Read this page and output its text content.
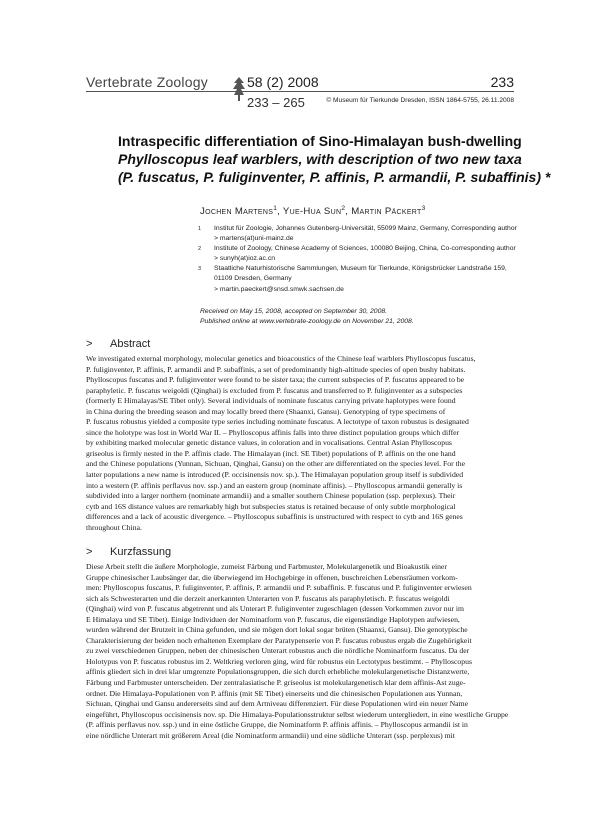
Vertebrate Zoology	58 (2) 2008	233
233 – 265	© Museum für Tierkunde Dresden, ISSN 1864-5755, 26.11.2008
Intraspecific differentiation of Sino-Himalayan bush-dwelling
Phylloscopus leaf warblers, with description of two new taxa
(P. fuscatus, P. fuliginventer, P. affinis, P. armandii, P. subaffinis) *
Jochen Martens$^1$, Yue-Hua Sun$^2$, Martin Päckert$^3$
1	Institut für Zoologie, Johannes Gutenberg-Universität, 55099 Mainz, Germany, Corresponding author
> martens(at)uni-mainz.de
2	Institute of Zoology, Chinese Academy of Sciences, 100080 Beijing, China, Co-corresponding author
> sunyh(at)ioz.ac.cn
3	Staatliche Naturhistorische Sammlungen, Museum für Tierkunde, Königsbrücker Landstraße 159,
01109 Dresden, Germany
> martin.paeckert@snsd.smwk.sachsen.de
Received on May 15, 2008, accepted on September 30, 2008.
Published online at www.vertebrate-zoology.de on November 21, 2008.
> Abstract
We investigated external morphology, molecular genetics and bioacoustics of the Chinese leaf warblers Phylloscopus fuscatus,
P. fuliginventer, P. affinis, P. armandii and P. subaffinis, a set of predominantly high-altitude species of open bushy habitats.
Phylloscopus fuscatus and P. fuliginventer were found to be sister taxa; the current subspecies of P. fuscatus appeared to be
paraphyletic. P. fuscatus weigoldi (Qinghai) is excluded from P. fuscatus and transferred to P. fuliginventer as a subspecies
(formerly E Himalayas/SE Tibet only). Several individuals of nominate fuscatus carrying private haplotypes were found
in China during the breeding season and may locally breed there (Shaanxi, Gansu). Genotyping of type specimens of
P. fuscatus robustus yielded a composite type series including nominate fuscatus. A lectotype of taxon robustus is designated
since the holotype was lost in World War II. – Phylloscopus affinis falls into three distinct population groups which differ
by exhibiting marked molecular genetic distance values, in coloration and in vocalisations. Central Asian Phylloscopus
griseolus is firmly nested in the P. affinis clade. The Himalayan (incl. SE Tibet) populations of P. affinis on the one hand
and the Chinese populations (Yunnan, Sichuan, Qinghai, Gansu) on the other are differentiated on the species level. For the
latter populations a new name is introduced (P. occisinensis nov. sp.). The Himalayan population group itself is subdivided
into a western (P. affinis perflavus nov. ssp.) and an eastern group (nominate affinis). – Phylloscopus armandii generally is
subdivided into a larger northern (nominate armandii) and a smaller southern Chinese population (ssp. perplexus). Their
cytb and 16S distance values are remarkably high but subspecies status is retained because of only subtle morphological
differences and a lack of acoustic divergence. – Phylloscopus subaffinis is unstructured with respect to cytb and 16S genes
throughout China.
> Kurzfassung
Diese Arbeit stellt die äußere Morphologie, zumeist Färbung und Farbmuster, Molekulargenetik und Bioakustik einer
Gruppe chinesischer Laubsänger dar, die überwiegend im Hochgebirge in offenen, buschreichen Lebensräumen vorkom-
men: Phylloscopus fuscatus, P. fuliginventer, P. affinis, P. armandii und P. subaffinis. P. fuscatus und P. fuliginventer erwiesen
sich als Schwesterarten und die derzeit anerkannten Unterarten von P. fuscatus als paraphyletisch. P. fuscatus weigoldi
(Qinghai) wird von P. fuscatus abgetrennt und als Unterart P. fuliginventer zugeschlagen (dessen Vorkommen zuvor nur im
E Himalaya und SE Tibet). Einige Individuen der Nominatform von P. fuscatus, die eigenständige Haplotypen aufwiesen,
wurden während der Brutzeit in China gefunden, und sie mögen dort lokal sogar brüten (Shaanxi, Gansu). Die genotypische
Charakterisierung der beiden noch erhaltenen Exemplare der Paratypenserie von P. fuscatus robustus ergab die Zugehörigkeit
zu zwei verschiedenen Gruppen, neben der chinesischen Unterart robustus auch die nördliche Nominatform fuscatus. Da der
Holotypus von P. fuscatus robustus im 2. Weltkrieg verloren ging, wird für robustus ein Lectotypus bestimmt. – Phylloscopus
affinis gliedert sich in drei klar umgrenzte Populationsgruppen, die sich durch erhebliche molekulargenetische Distanzwerte,
Färbung und Farbmuster unterscheiden. Der zentralasiatische P. griseolus ist molekulargenetisch klar dem affinis-Ast zuge-
ordnet. Die Himalaya-Populationen von P. affinis (mit SE Tibet) einerseits und die chinesischen Populationen aus Yunnan,
Sichuan, Qinghai und Gansu andererseits sind auf dem Artniveau differenziert. Für diese Populationen wird ein neuer Name
eingeführt, Phylloscopus occisinensis nov. sp. Die Himalaya-Populationsstruktur selbst wiederum untergliedert, in eine westliche Gruppe
(P. affinis perflavus nov. ssp.) und in eine östliche Gruppe, die Nominatform P. affinis affinis. – Phylloscopus armandii ist in
eine nördliche Unterart mit größerem Areal (die Nominatform armandii) und eine südliche Unterart (ssp. perplexus) mit
